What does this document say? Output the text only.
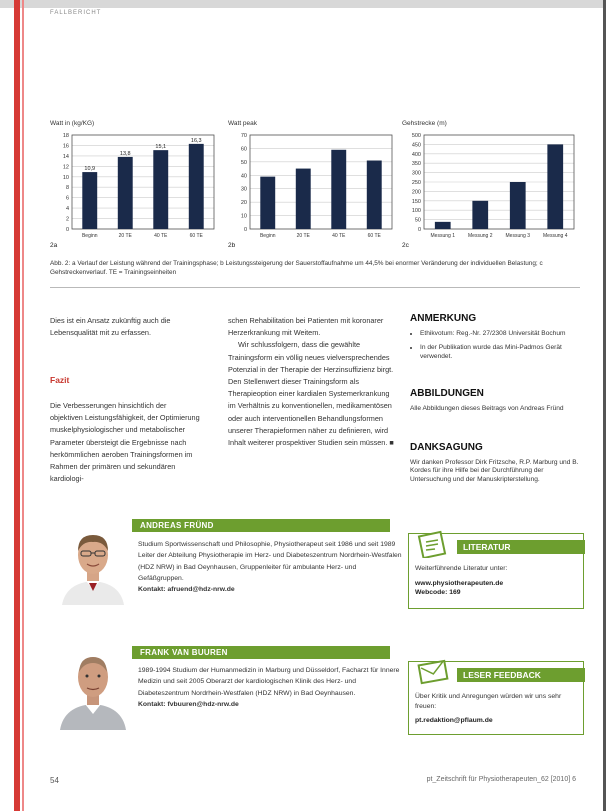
FALLBERICHT
Watt in (kg/KG)
0
2
4
6
8
10
12
14
16
18
10,9
Beginn
13,8
20 TE
15,1
40 TE
16,3
60 TE
2a
Watt peak
0
10
20
30
40
50
60
70
Beginn	20 TE	40 TE	60 TE
2b
Gehstrecke (m)
0
50
100
150
200
250
300
350
400
450
500
Messung 1	Messung 2	Messung 3	Messung 4
2c
Abb. 2: a Verlauf der Leistung während der Trainingsphase; b Leistungssteigerung der Sauerstoffaufnahme um 44,5% bei enormer Veränderung der individuellen Belastung; c Gehstreckenverlauf. TE = Trainingseinheiten

Dies ist ein Ansatz zukünftig auch die Lebensqualität mit zu erfassen.

Fazit

Die Verbesserungen hinsichtlich der objektiven Leistungsfähigkeit, der Optimierung muskelphysiologischer und metabolischer Parameter übersteigt die Ergebnisse nach herkömmlichen aeroben Trainingsformen im Rahmen der primären und sekundären kardiologi-

schen Rehabilitation bei Patienten mit koronarer Herzerkrankung mit Weitem.

Wir schlussfolgern, dass die gewählte Trainingsform ein völlig neues vielversprechendes Potenzial in der Therapie der Herzinsuffizienz birgt. Den Stellenwert dieser Trainingsform als Therapieoption einer kardialen Systemerkrankung im Verhältnis zu konventionellen, medikamentösen oder auch interventionellen Behandlungsformen unserer Therapieformen näher zu definieren, wird Inhalt weiterer prospektiver Studien sein müssen. ■

ANMERKUNG
• Ethikvotum: Reg.-Nr. 27/2308 Universität Bochum
• In der Publikation wurde das Mini-Padmos Gerät verwendet.
ABBILDUNGEN
Alle Abbildungen dieses Beitrags von Andreas Fründ
DANKSAGUNG
Wir danken Professor Dirk Fritzsche, R.P. Marburg und B. Kordes für ihre Hilfe bei der Durchführung der Untersuchung und der Manuskripterstellung.
ANDREAS FRÜND
Studium Sportwissenschaft und Philosophie, Physiotherapeut seit 1986 und seit 1989 Leiter der Abteilung Physiotherapie im Herz- und Diabeteszentrum Nordrhein-Westfalen (HDZ NRW) in Bad Oeynhausen, Gruppenleiter für ambulante Herz- und Gefäßgruppen.
Kontakt: afruend@hdz-nrw.de
FRANK VAN BUUREN
1989-1994 Studium der Humanmedizin in Marburg und Düsseldorf, Facharzt für Innere Medizin und seit 2005 Oberarzt der kardiologischen Klinik des Herz- und Diabeteszentrum Nordrhein-Westfalen (HDZ NRW) in Bad Oeynhausen.
Kontakt: fvbuuren@hdz-nrw.de
LITERATUR
Weiterführende Literatur unter:
www.physiotherapeuten.de
Webcode: 169
LESER FEEDBACK
Über Kritik und Anregungen würden wir uns sehr freuen:
pt.redaktion@pflaum.de
54	pt_Zeitschrift für Physiotherapeuten_62 [2010] 6
